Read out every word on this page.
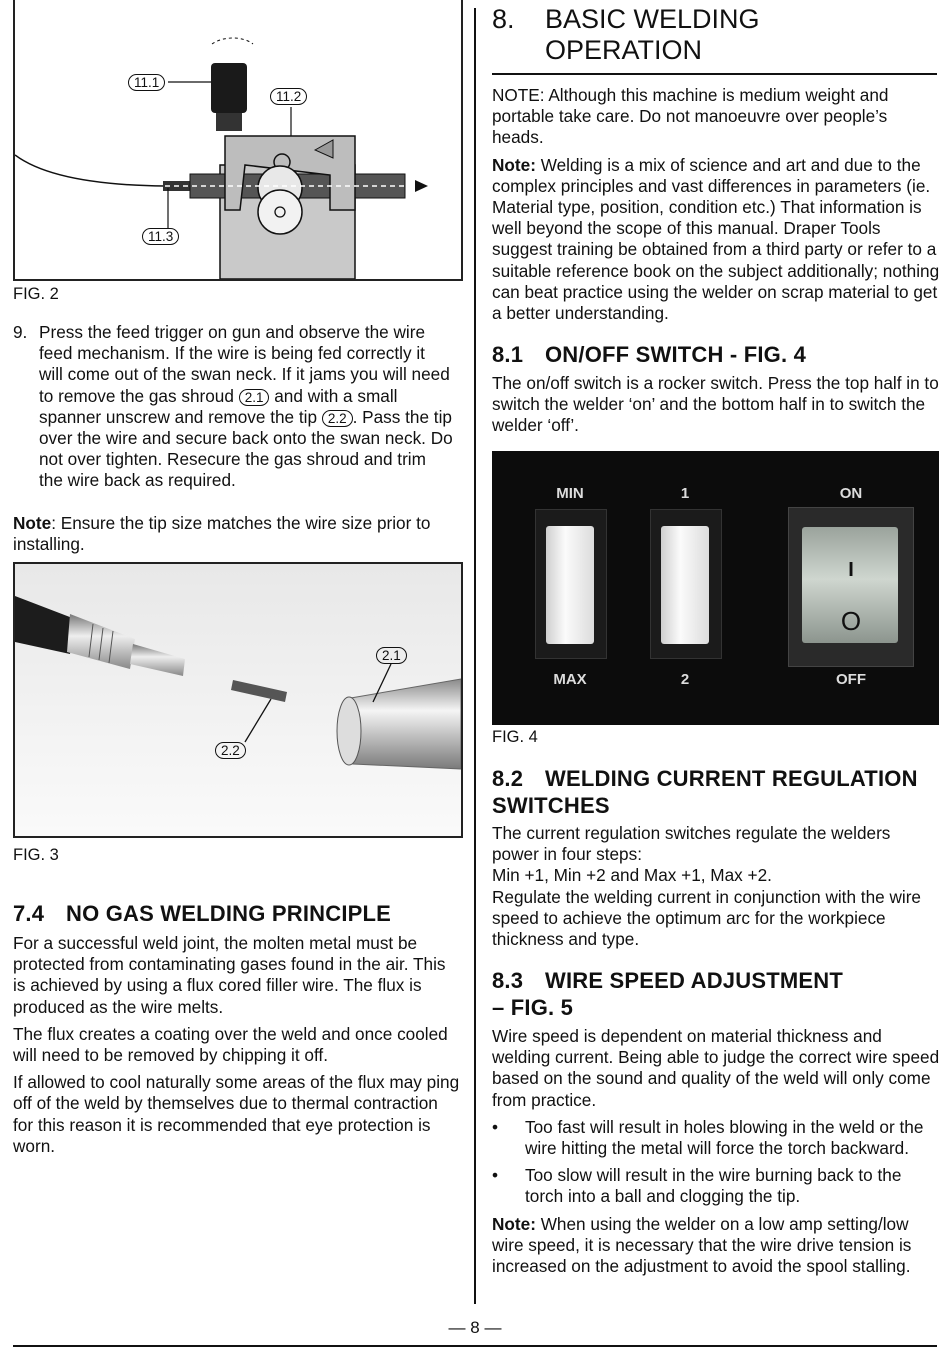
11.1
11.2
11.3

FIG. 2

9. Press the feed trigger on gun and observe the wire feed mechanism. If the wire is being fed correctly it will come out of the swan neck. If it jams you will need to remove the gas shroud 2.1 and with a small spanner unscrew and remove the tip 2.2 . Pass the tip over the wire and secure back onto the swan neck. Do not over tighten. Resecure the gas shroud and trim the wire back as required.

Note: Ensure the tip size matches the wire size prior to installing.

2.1
2.2

FIG. 3

7.4 NO GAS WELDING PRINCIPLE

For a successful weld joint, the molten metal must be protected from contaminating gases found in the air. This is achieved by using a flux cored filler wire. The flux is produced as the wire melts.

The flux creates a coating over the weld and once cooled will need to be removed by chipping it off.

If allowed to cool naturally some areas of the flux may ping off of the weld by themselves due to thermal contraction for this reason it is recommended that eye protection is worn.

8. BASIC WELDING
OPERATION

NOTE: Although this machine is medium weight and portable take care. Do not manoeuvre over people’s heads.

Note: Welding is a mix of science and art and due to the complex principles and vast differences in parameters (ie. Material type, position, condition etc.) That information is well beyond the scope of this manual. Draper Tools suggest training be obtained from a third party or refer to a suitable reference book on the subject additionally; nothing can beat practice using the welder on scrap material to get a better understanding.

8.1 ON/OFF SWITCH - FIG. 4

The on/off switch is a rocker switch. Press the top half in to switch the welder ‘on’ and the bottom half in to switch the welder ‘off’.

MIN
MAX
1
2
ON
I
O
OFF

FIG. 4

8.2 WELDING CURRENT REGULATION
SWITCHES

The current regulation switches regulate the welders power in four steps:

Min +1, Min +2 and Max +1, Max +2.

Regulate the welding current in conjunction with the wire speed to achieve the optimum arc for the workpiece thickness and type.

8.3 WIRE SPEED ADJUSTMENT
– FIG. 5

Wire speed is dependent on material thickness and welding current. Being able to judge the correct wire speed based on the sound and quality of the weld will only come from practice.

•	Too fast will result in holes blowing in the weld or the wire hitting the metal will force the torch backward.
•	Too slow will result in the wire burning back to the torch into a ball and clogging the tip.

Note: When using the welder on a low amp setting/low wire speed, it is necessary that the wire drive tension is increased on the adjustment to avoid the spool stalling.

— 8 —
